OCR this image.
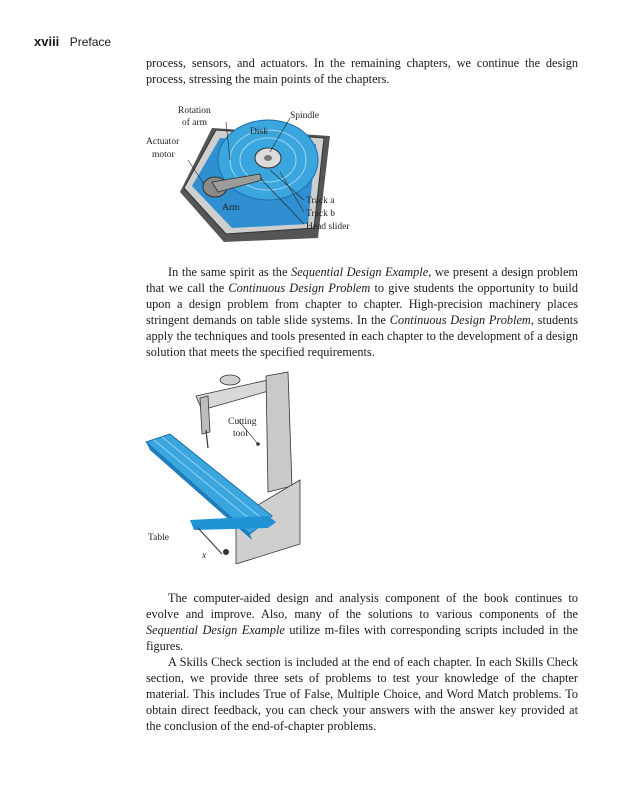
xviii Preface

process, sensors, and actuators. In the remaining chapters, we continue the design process, stressing the main points of the chapters.

Rotation
of arm
Spindle
Disk
Actuator
motor
Arm
Track a
Track b
Head slider

In the same spirit as the Sequential Design Example, we present a design problem that we call the Continuous Design Problem to give students the opportunity to build upon a design problem from chapter to chapter. High-precision machinery places stringent demands on table slide systems. In the Continuous Design Problem, students apply the techniques and tools presented in each chapter to the development of a design solution that meets the specified requirements.

Cutting
tool
Table
x

The computer-aided design and analysis component of the book continues to evolve and improve. Also, many of the solutions to various components of the Sequential Design Example utilize m-files with corresponding scripts included in the figures.

A Skills Check section is included at the end of each chapter. In each Skills Check section, we provide three sets of problems to test your knowledge of the chapter material. This includes True of False, Multiple Choice, and Word Match problems. To obtain direct feedback, you can check your answers with the answer key provided at the conclusion of the end-of-chapter problems.
